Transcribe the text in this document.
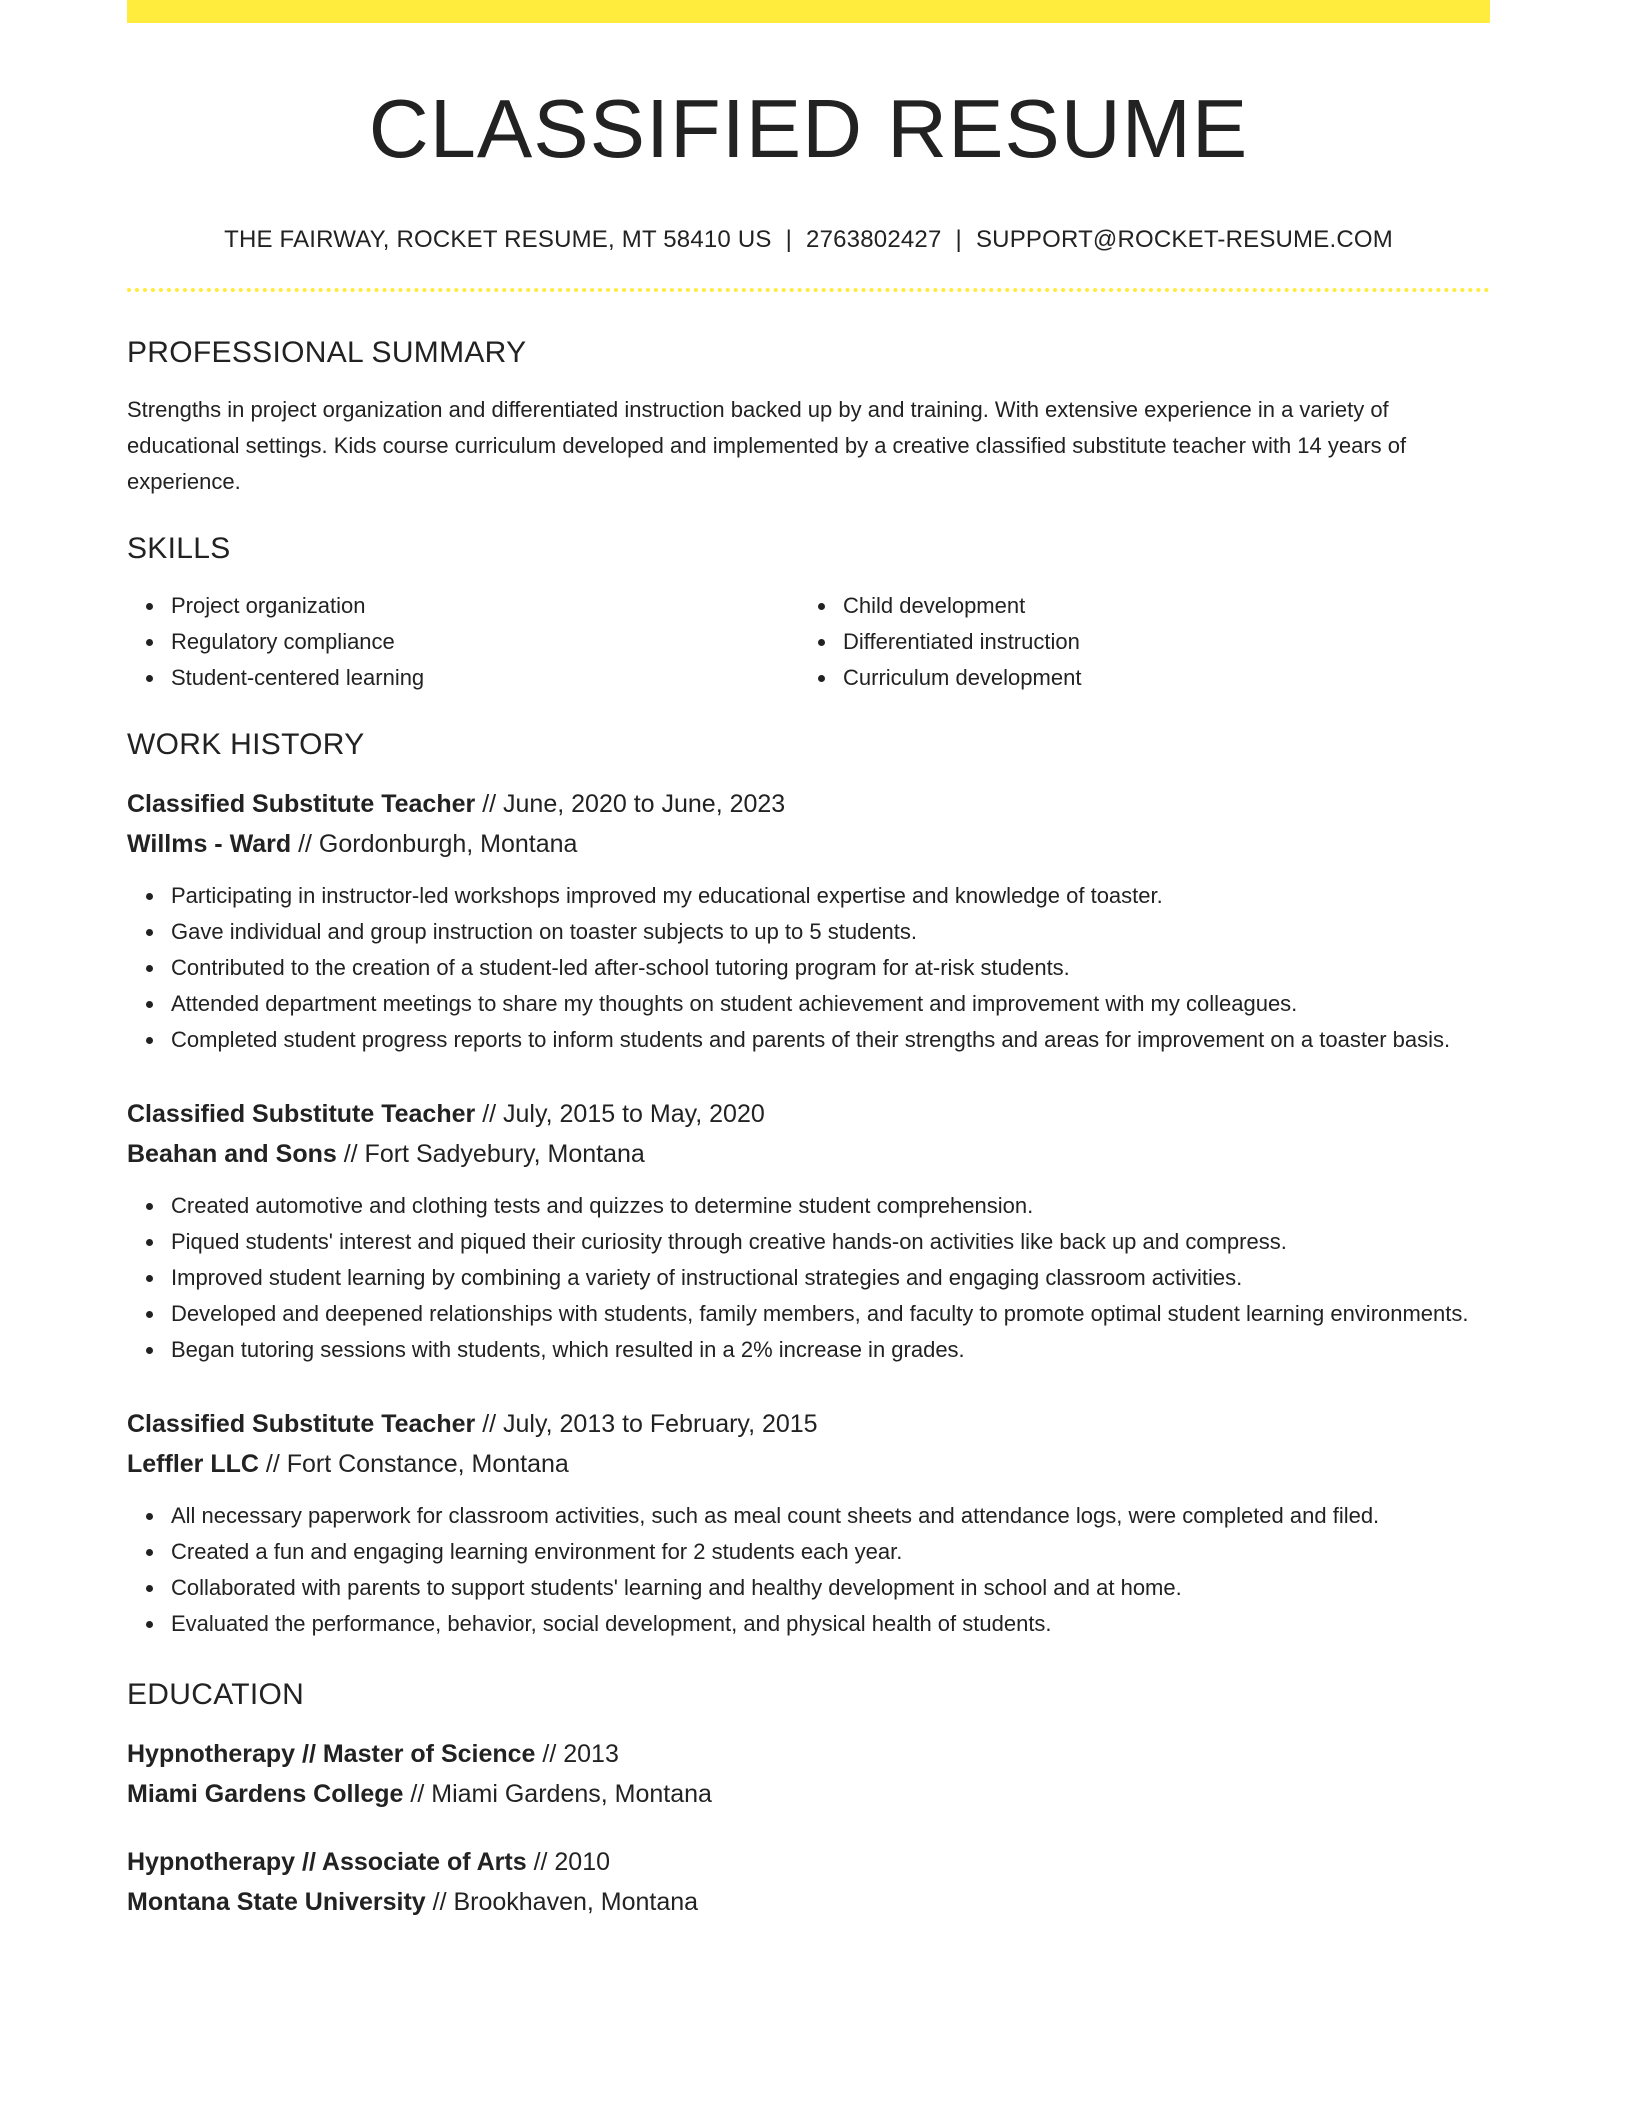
CLASSIFIED RESUME
THE FAIRWAY, ROCKET RESUME, MT 58410 US | 2763802427 | SUPPORT@ROCKET-RESUME.COM
PROFESSIONAL SUMMARY

Strengths in project organization and differentiated instruction backed up by and training. With extensive experience in a variety of educational settings. Kids course curriculum developed and implemented by a creative classified substitute teacher with 14 years of experience.

SKILLS
Project organization
Regulatory compliance
Student-centered learning
Child development
Differentiated instruction
Curriculum development
WORK HISTORY
Classified Substitute Teacher // June, 2020 to June, 2023
Willms - Ward // Gordonburgh, Montana
Participating in instructor-led workshops improved my educational expertise and knowledge of toaster.
Gave individual and group instruction on toaster subjects to up to 5 students.
Contributed to the creation of a student-led after-school tutoring program for at-risk students.
Attended department meetings to share my thoughts on student achievement and improvement with my colleagues.
Completed student progress reports to inform students and parents of their strengths and areas for improvement on a toaster basis.
Classified Substitute Teacher // July, 2015 to May, 2020
Beahan and Sons // Fort Sadyebury, Montana
Created automotive and clothing tests and quizzes to determine student comprehension.
Piqued students' interest and piqued their curiosity through creative hands-on activities like back up and compress.
Improved student learning by combining a variety of instructional strategies and engaging classroom activities.
Developed and deepened relationships with students, family members, and faculty to promote optimal student learning environments.
Began tutoring sessions with students, which resulted in a 2% increase in grades.
Classified Substitute Teacher // July, 2013 to February, 2015
Leffler LLC // Fort Constance, Montana
All necessary paperwork for classroom activities, such as meal count sheets and attendance logs, were completed and filed.
Created a fun and engaging learning environment for 2 students each year.
Collaborated with parents to support students' learning and healthy development in school and at home.
Evaluated the performance, behavior, social development, and physical health of students.
EDUCATION
Hypnotherapy // Master of Science // 2013
Miami Gardens College // Miami Gardens, Montana
Hypnotherapy // Associate of Arts // 2010
Montana State University // Brookhaven, Montana
